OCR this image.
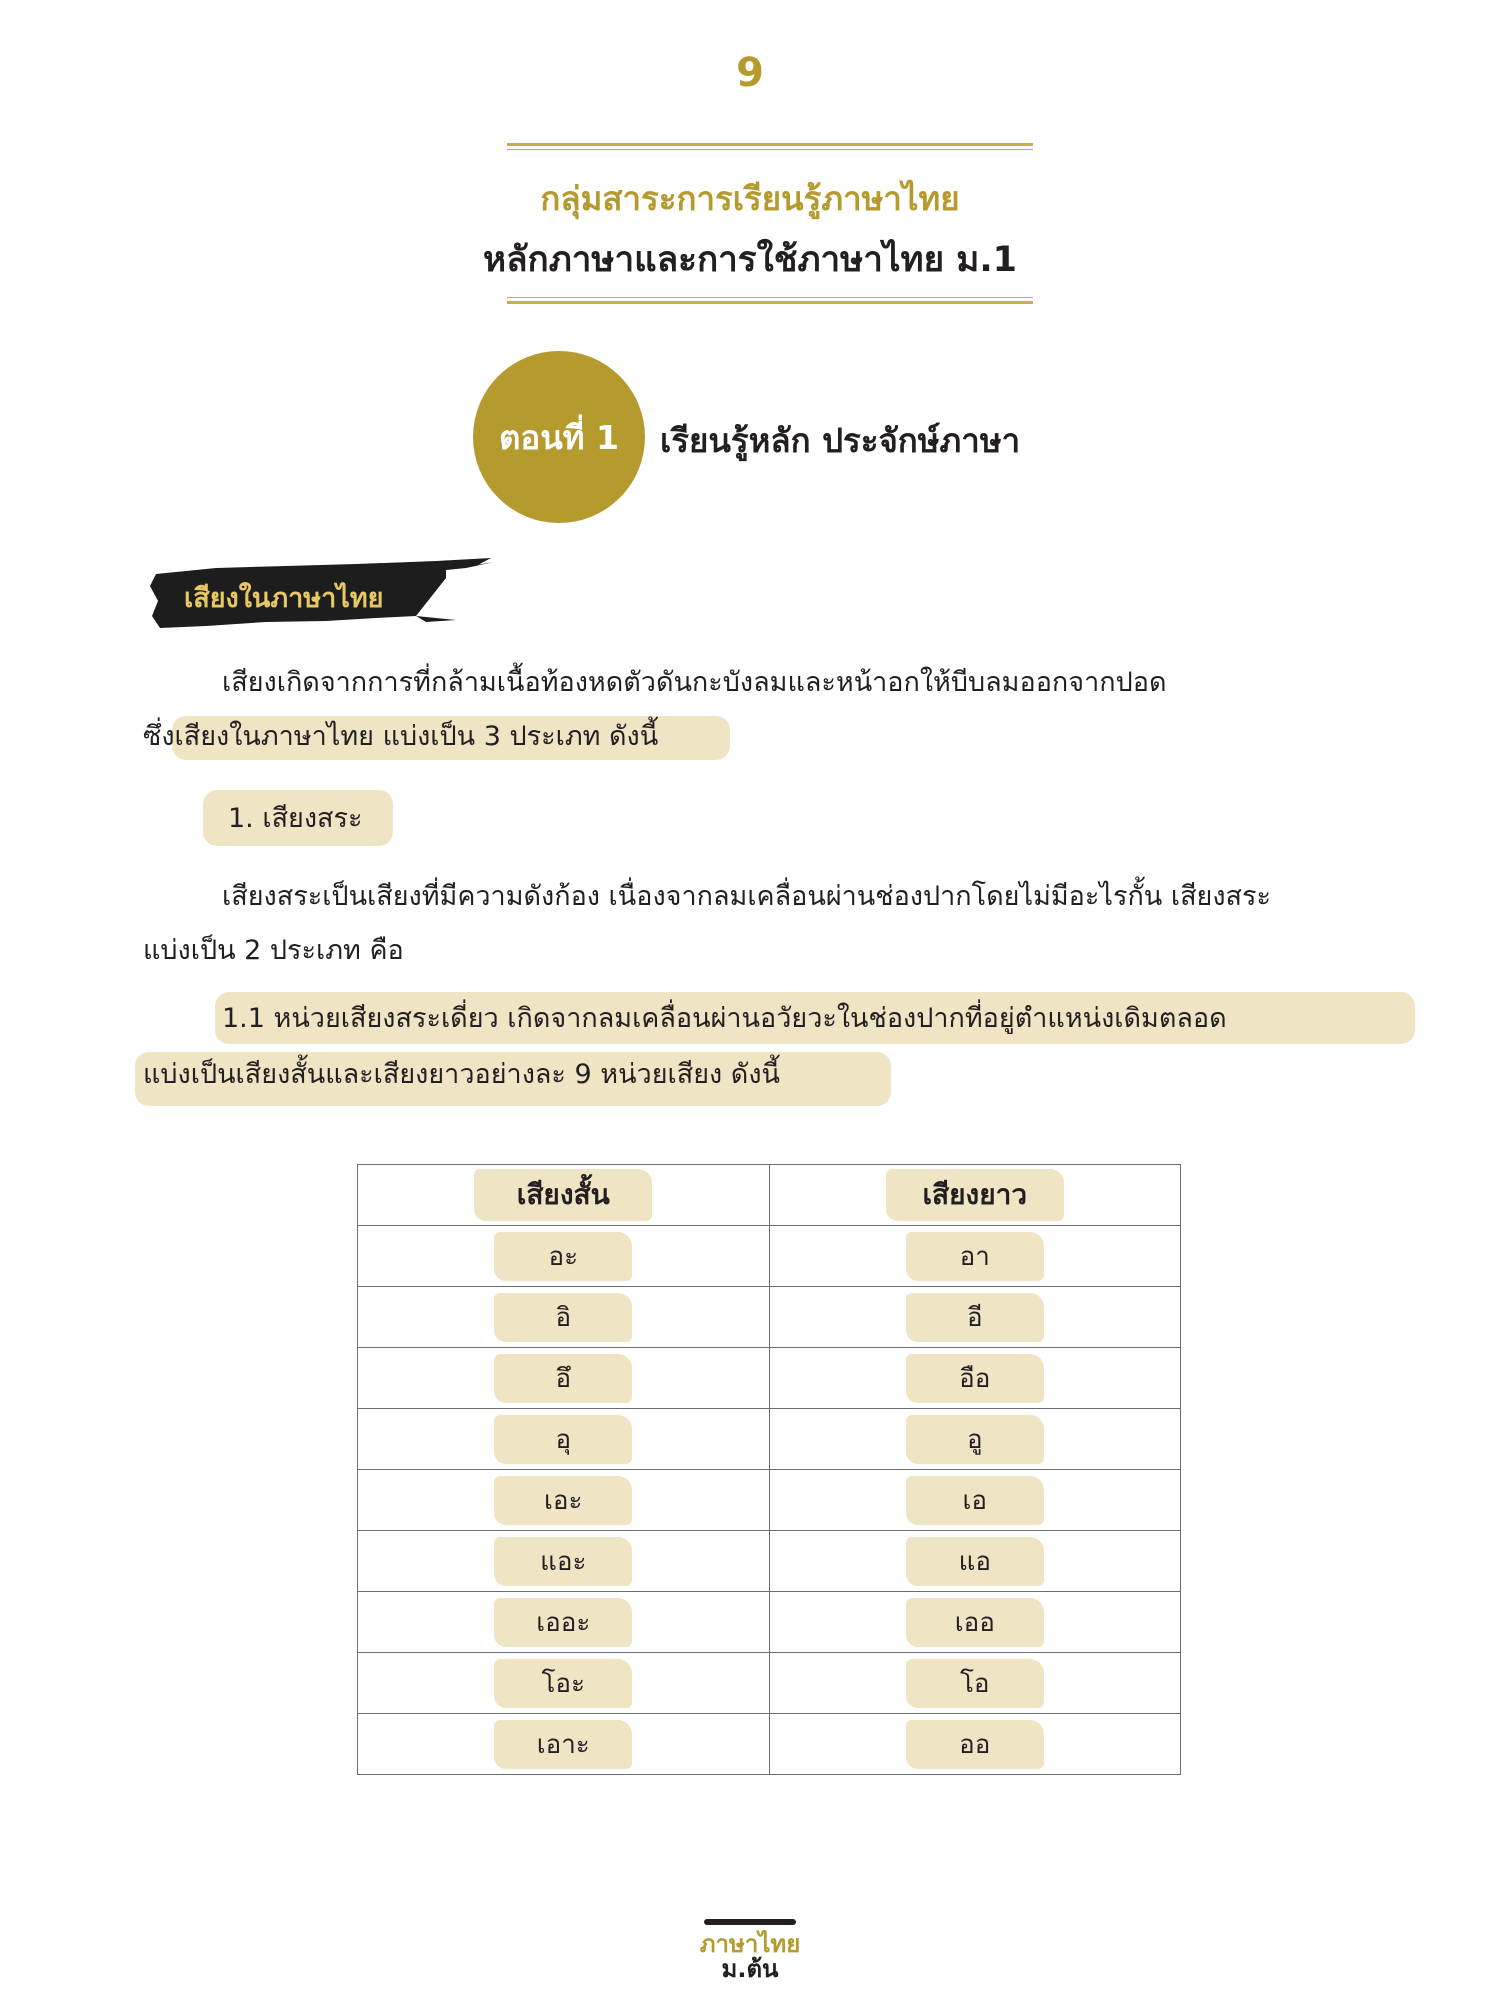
9
กลุ่มสาระการเรียนรู้ภาษาไทย
หลักภาษาและการใช้ภาษาไทย ม.1
ตอนที่ 1 เรียนรู้หลัก ประจักษ์ภาษา
เสียงในภาษาไทย
เสียงเกิดจากการที่กล้ามเนื้อท้องหดตัวดันกะบังลมและหน้าอกให้บีบลมออกจากปอด
ซึ่งเสียงในภาษาไทย แบ่งเป็น 3 ประเภท ดังนี้
1. เสียงสระ
เสียงสระเป็นเสียงที่มีความดังก้อง เนื่องจากลมเคลื่อนผ่านช่องปากโดยไม่มีอะไรกั้น เสียงสระ
แบ่งเป็น 2 ประเภท คือ
1.1 หน่วยเสียงสระเดี่ยว เกิดจากลมเคลื่อนผ่านอวัยวะในช่องปากที่อยู่ตำแหน่งเดิมตลอด
แบ่งเป็นเสียงสั้นและเสียงยาวอย่างละ 9 หน่วยเสียง ดังนี้
เสียงสั้น	เสียงยาว
อะ	อา
อิ	อี
อึ	อือ
อุ	อู
เอะ	เอ
แอะ	แอ
เออะ	เออ
โอะ	โอ
เอาะ	ออ
ภาษาไทย
ม.ต้น
